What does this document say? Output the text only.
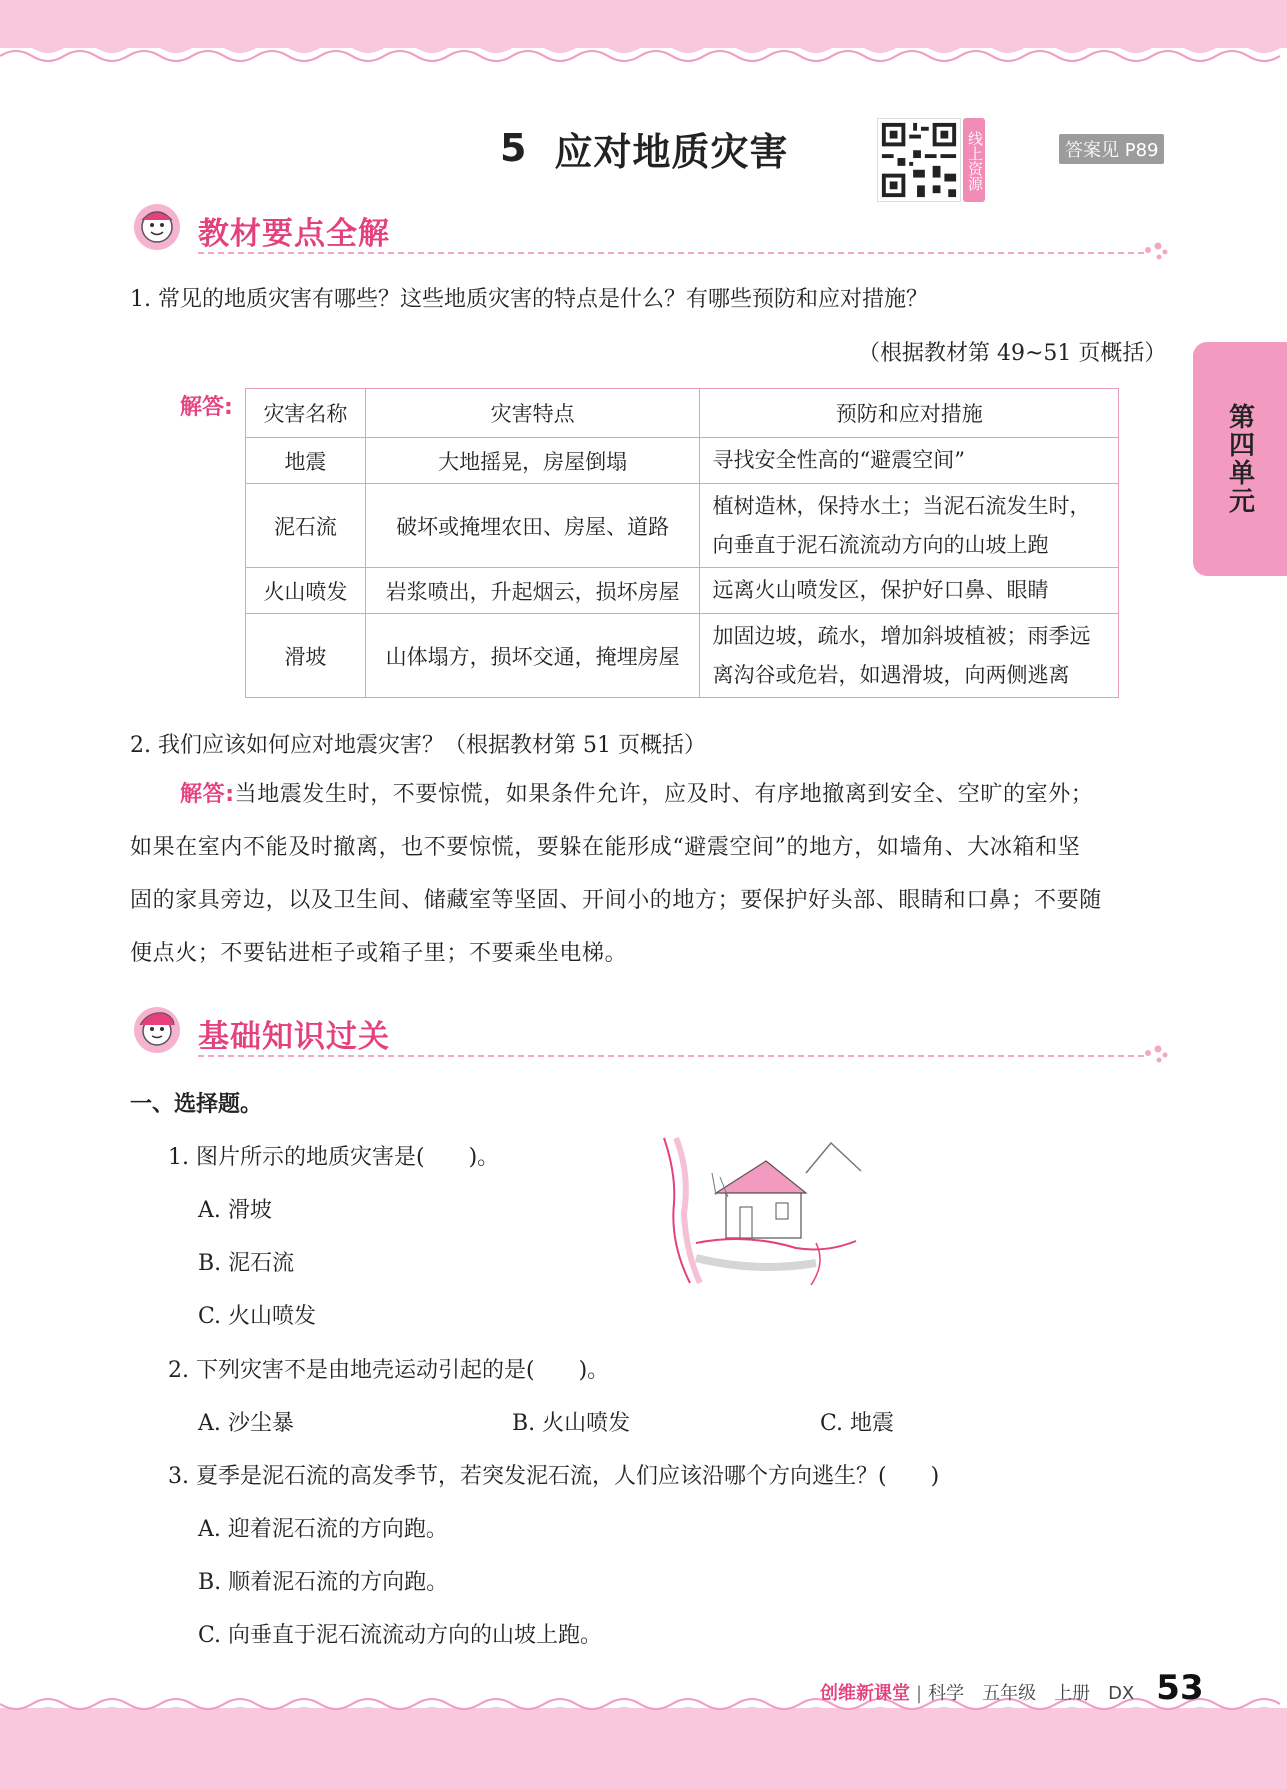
5 应对地质灾害	线上资源	答案见 P89
第四单元
教材要点全解
1. 常见的地质灾害有哪些？这些地质灾害的特点是什么？有哪些预防和应对措施？
（根据教材第 49~51 页概括）
解答: 灾害名称	灾害特点	预防和应对措施
地震	大地摇晃，房屋倒塌	寻找安全性高的“避震空间”
泥石流	破坏或掩埋农田、房屋、道路	植树造林，保持水土；当泥石流发生时，
向垂直于泥石流流动方向的山坡上跑
火山喷发	岩浆喷出，升起烟云，损坏房屋	远离火山喷发区，保护好口鼻、眼睛
滑坡	山体塌方，损坏交通，掩埋房屋	加固边坡，疏水，增加斜坡植被；雨季远
离沟谷或危岩，如遇滑坡，向两侧逃离
2. 我们应该如何应对地震灾害？（根据教材第 51 页概括）
解答:当地震发生时，不要惊慌，如果条件允许，应及时、有序地撤离到安全、空旷的室外；
如果在室内不能及时撤离，也不要惊慌，要躲在能形成“避震空间”的地方，如墙角、大冰箱和坚
固的家具旁边，以及卫生间、储藏室等坚固、开间小的地方；要保护好头部、眼睛和口鼻；不要随
便点火；不要钻进柜子或箱子里；不要乘坐电梯。
基础知识过关
一、选择题。
1. 图片所示的地质灾害是(　　)。
A. 滑坡
B. 泥石流
C. 火山喷发
2. 下列灾害不是由地壳运动引起的是(　　)。
A. 沙尘暴	B. 火山喷发	C. 地震
3. 夏季是泥石流的高发季节，若突发泥石流，人们应该沿哪个方向逃生？(　　)
A. 迎着泥石流的方向跑。
B. 顺着泥石流的方向跑。
C. 向垂直于泥石流流动方向的山坡上跑。
创维新课堂 | 科学　五年级　上册　DX 53
